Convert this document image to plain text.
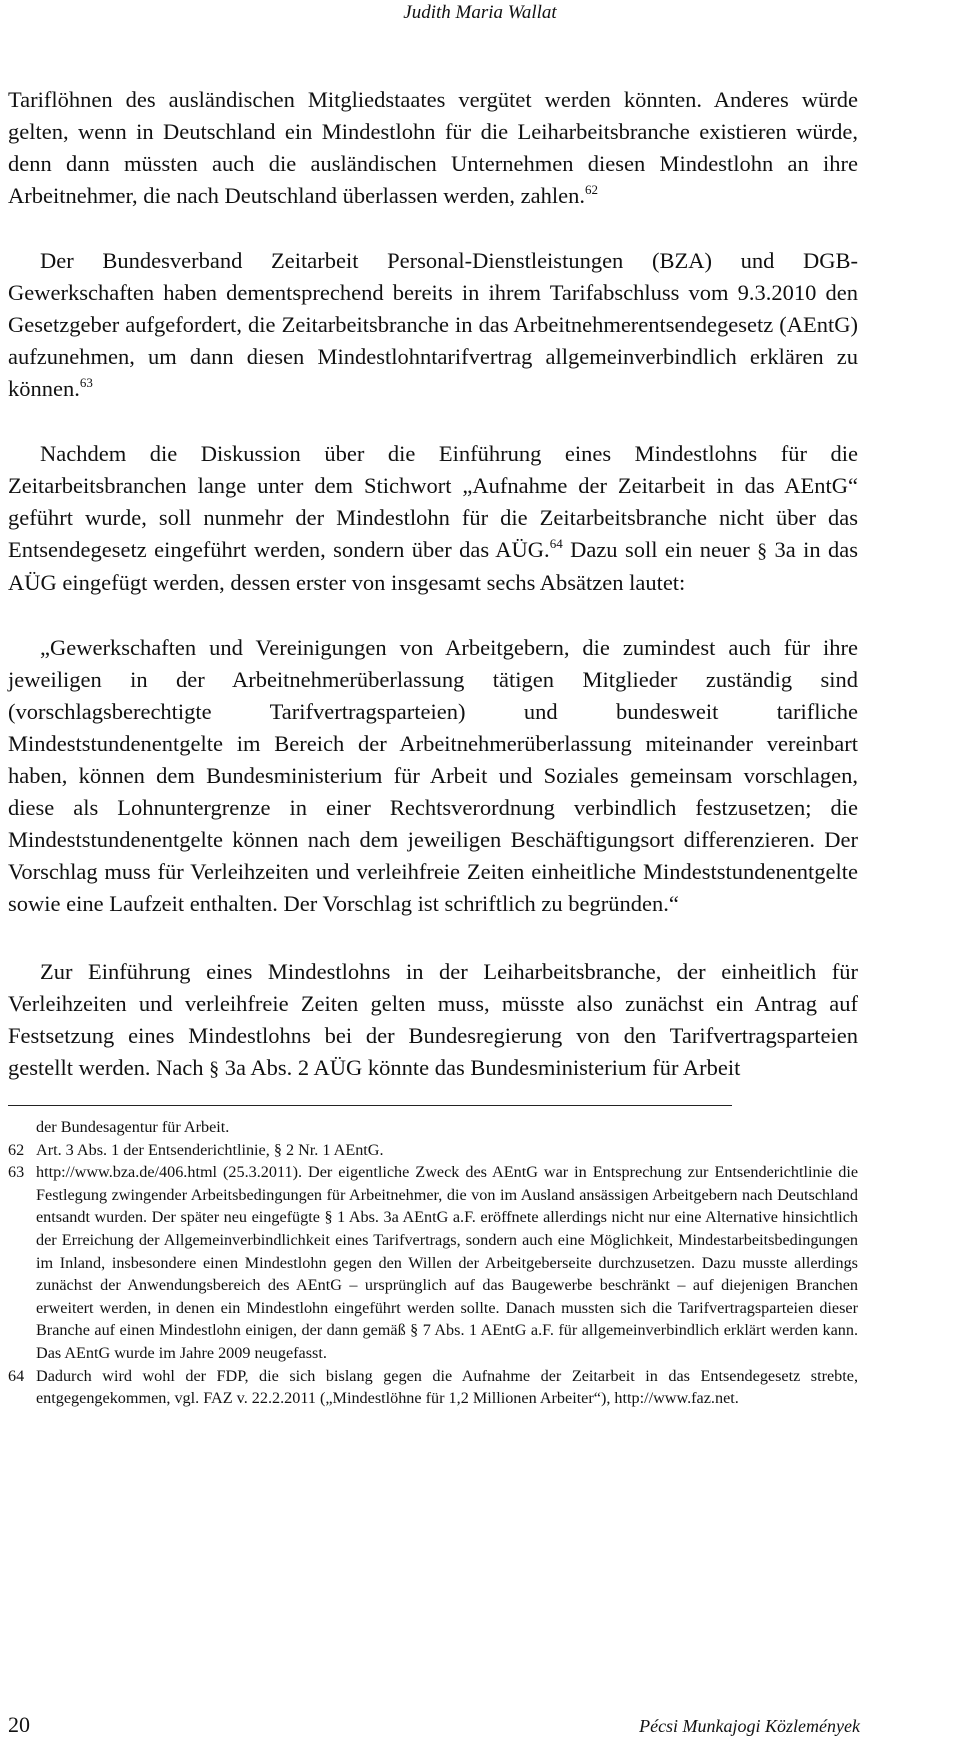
Judith Maria Wallat

Tariflöhnen des ausländischen Mitgliedstaates vergütet werden könnten. Anderes würde gelten, wenn in Deutschland ein Mindestlohn für die Leiharbeitsbranche existieren würde, denn dann müssten auch die ausländischen Unternehmen diesen Mindestlohn an ihre Arbeitnehmer, die nach Deutschland überlassen werden, zahlen.$^{62}$

Der Bundesverband Zeitarbeit Personal-Dienstleistungen (BZA) und DGB-Gewerkschaften haben dementsprechend bereits in ihrem Tarifabschluss vom 9.3.2010 den Gesetzgeber aufgefordert, die Zeitarbeitsbranche in das Arbeitnehmerentsendegesetz (AEntG) aufzunehmen, um dann diesen Mindestlohntarifvertrag allgemeinverbindlich erklären zu können.$^{63}$

Nachdem die Diskussion über die Einführung eines Mindestlohns für die Zeitarbeitsbranchen lange unter dem Stichwort „Aufnahme der Zeitarbeit in das AEntG“ geführt wurde, soll nunmehr der Mindestlohn für die Zeitarbeitsbranche nicht über das Entsendegesetz eingeführt werden, sondern über das AÜG.$^{64}$ Dazu soll ein neuer § 3a in das AÜG eingefügt werden, dessen erster von insgesamt sechs Absätzen lautet:

„Gewerkschaften und Vereinigungen von Arbeitgebern, die zumindest auch für ihre jeweiligen in der Arbeitnehmerüberlassung tätigen Mitglieder zuständig sind (vorschlagsberechtigte Tarifvertragsparteien) und bundesweit tarifliche Mindeststundenentgelte im Bereich der Arbeitnehmerüberlassung miteinander vereinbart haben, können dem Bundesministerium für Arbeit und Soziales gemeinsam vorschlagen, diese als Lohnuntergrenze in einer Rechtsverordnung verbindlich festzusetzen; die Mindeststundenentgelte können nach dem jeweiligen Beschäftigungsort differenzieren. Der Vorschlag muss für Verleihzeiten und verleihfreie Zeiten einheitliche Mindeststundenentgelte sowie eine Laufzeit enthalten. Der Vorschlag ist schriftlich zu begründen.“

Zur Einführung eines Mindestlohns in der Leiharbeitsbranche, der einheitlich für Verleihzeiten und verleihfreie Zeiten gelten muss, müsste also zunächst ein Antrag auf Festsetzung eines Mindestlohns bei der Bundesregierung von den Tarifvertragsparteien gestellt werden. Nach § 3a Abs. 2 AÜG könnte das Bundesministerium für Arbeit

der Bundesagentur für Arbeit.
62 Art. 3 Abs. 1 der Entsenderichtlinie, § 2 Nr. 1 AEntG.
63 http://www.bza.de/406.html (25.3.2011). Der eigentliche Zweck des AEntG war in Entsprechung zur Entsenderichtlinie die Festlegung zwingender Arbeitsbedingungen für Arbeitnehmer, die von im Ausland ansässigen Arbeitgebern nach Deutschland entsandt wurden. Der später neu eingefügte § 1 Abs. 3a AEntG a.F. eröffnete allerdings nicht nur eine Alternative hinsichtlich der Erreichung der Allgemeinverbindlichkeit eines Tarifvertrags, sondern auch eine Möglichkeit, Mindestarbeitsbedingungen im Inland, insbesondere einen Mindestlohn gegen den Willen der Arbeitgeberseite durchzusetzen. Dazu musste allerdings zunächst der Anwendungsbereich des AEntG – ursprünglich auf das Baugewerbe beschränkt – auf diejenigen Branchen erweitert werden, in denen ein Mindestlohn eingeführt werden sollte. Danach mussten sich die Tarifvertragsparteien dieser Branche auf einen Mindestlohn einigen, der dann gemäß § 7 Abs. 1 AEntG a.F. für allgemeinverbindlich erklärt werden kann. Das AEntG wurde im Jahre 2009 neugefasst.
64 Dadurch wird wohl der FDP, die sich bislang gegen die Aufnahme der Zeitarbeit in das Entsendegesetz strebte, entgegengekommen, vgl. FAZ v. 22.2.2011 („Mindestlöhne für 1,2 Millionen Arbeiter“), http://www.faz.net.
20	Pécsi Munkajogi Közlemények
